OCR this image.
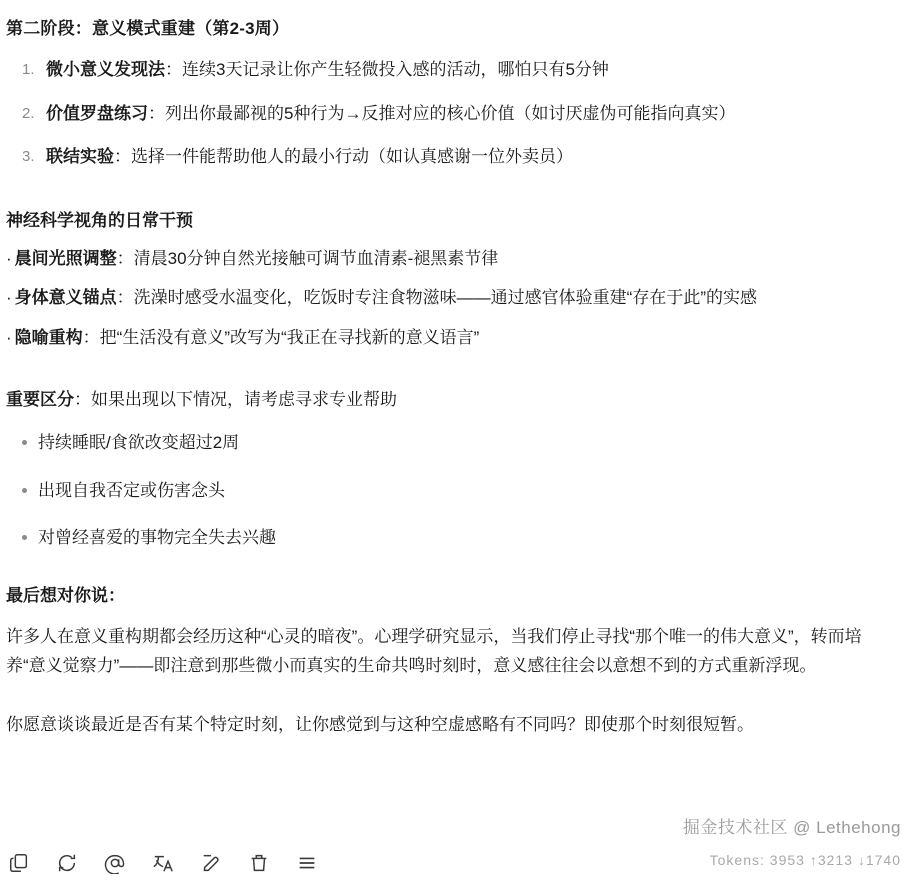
第二阶段：意义模式重建（第2-3周）
微小意义发现法：连续3天记录让你产生轻微投入感的活动，哪怕只有5分钟
价值罗盘练习：列出你最鄙视的5种行为→反推对应的核心价值（如讨厌虚伪可能指向真实）
联结实验：选择一件能帮助他人的最小行动（如认真感谢一位外卖员）
神经科学视角的日常干预
· 晨间光照调整：清晨30分钟自然光接触可调节血清素-褪黑素节律
· 身体意义锚点：洗澡时感受水温变化，吃饭时专注食物滋味——通过感官体验重建“存在于此”的实感
· 隐喻重构：把“生活没有意义”改写为“我正在寻找新的意义语言”
重要区分：如果出现以下情况，请考虑寻求专业帮助
持续睡眠/食欲改变超过2周
出现自我否定或伤害念头
对曾经喜爱的事物完全失去兴趣
最后想对你说：
许多人在意义重构期都会经历这种“心灵的暗夜”。心理学研究显示，当我们停止寻找“那个唯一的伟大意义”，转而培养“意义觉察力”——即注意到那些微小而真实的生命共鸣时刻时，意义感往往会以意想不到的方式重新浮现。
你愿意谈谈最近是否有某个特定时刻，让你感觉到与这种空虚感略有不同吗？即使那个时刻很短暂。
掘金技术社区 @ Lethehong
Tokens: 3953 ↑3213 ↓1740
